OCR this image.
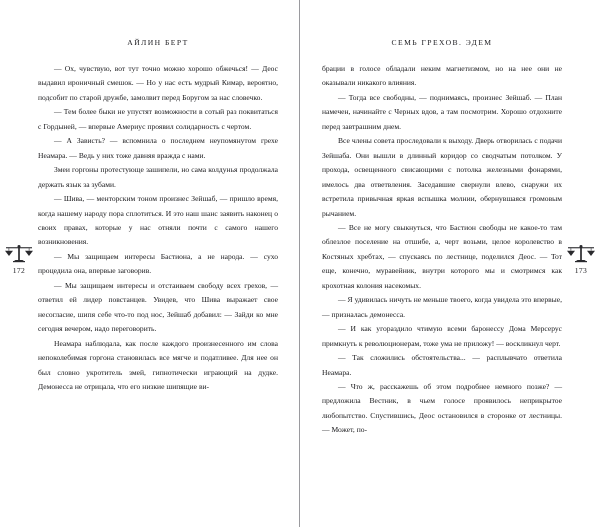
АЙЛИН БЕРТ

— Ох, чувствую, вот тут точно можно хорошо обжечься! — Деос выдавил ироничный смешок. — Но у нас есть мудрый Кимар, вероятно, подсобит по старой дружбе, замолвит перед Боругом за нас словечко.

— Тем более быки не упустят возможности в сотый раз поквитаться с Гордыней, — впервые Америус проявил солидарность с чертом.

— А Зависть? — вспомнила о последнем неупомянутом грехе Неамара. — Ведь у них тоже давняя вражда с нами.

Змеи горгоны протестующе зашипели, но сама колдунья продолжала держать язык за зубами.

— Шива, — менторским тоном произнес Зейшаб, — пришло время, когда нашему народу пора сплотиться. И это наш шанс заявить наконец о своих правах, которые у нас отняли почти с самого нашего возникновения.

— Мы защищаем интересы Бастиона, а не народа. — сухо процедила она, впервые заговорив.

— Мы защищаем интересы и отстаиваем свободу всех грехов, — ответил ей лидер повстанцев. Увидев, что Шива выражает свое несогласие, шипя себе что-то под нос, Зейшаб добавил: — Зайди ко мне сегодня вечером, надо переговорить.

Неамара наблюдала, как после каждого произнесенного им слова непоколебимая горгона становилась все мягче и податливее. Для нее он был словно укротитель змей, гипнотически играющий на дудке. Демонесса не отрицала, что его низкие шипящие ви-

172
СЕМЬ ГРЕХОВ. ЭДЕМ

брации в голосе обладали неким магнетизмом, но на нее они не оказывали никакого влияния.

— Тогда все свободны, — поднимаясь, произнес Зейшаб. — План намечен, начинайте с Черных вдов, а там посмотрим. Хорошо отдохните перед завтрашним днем.

Все члены совета проследовали к выходу. Дверь отворилась с подачи Зейшаба. Они вышли в длинный коридор со сводчатым потолком. У прохода, освещенного свисающими с потолка железными фонарями, имелось два ответвления. Заседавшие свернули влево, снаружи их встретила привычная яркая вспышка молнии, обернувшаяся громовым рычанием.

— Все не могу свыкнуться, что Бастион свободы не какое-то там облезлое поселение на отшибе, а, черт возьми, целое королевство в Костяных хребтах, — спускаясь по лестнице, поделился Деос. — Тот еще, конечно, муравейник, внутри которого мы и смотримся как крохотная колония насекомых.

— Я удивилась ничуть не меньше твоего, когда увидела это впервые, — призналась демонесса.

— И как угораздило чтимую всеми баронессу Дома Мерсерус примкнуть к революционерам, тоже ума не приложу! — воскликнул черт.

— Так сложились обстоятельства... — расплывчато ответила Неамара.

— Что ж, расскажешь об этом подробнее немного позже? — предложила Вестник, в чьем голосе проявилось неприкрытое любопытство. Спустившись, Деос остановился в сторонке от лестницы. — Может, по-

173
